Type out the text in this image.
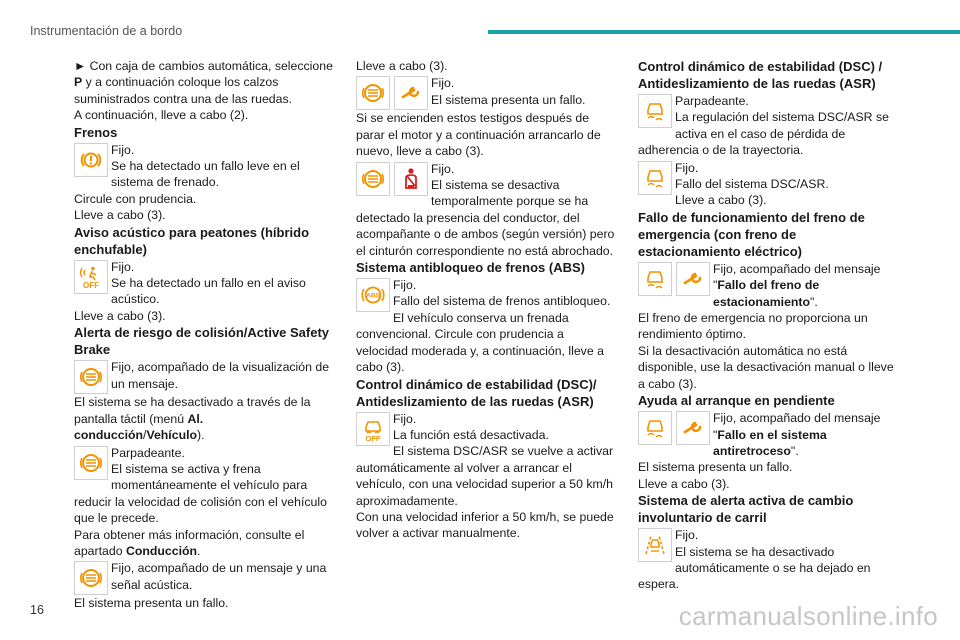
Instrumentación de a bordo

► Con caja de cambios automática, seleccione P y a continuación coloque los calzos suministrados contra una de las ruedas.

A continuación, lleve a cabo (2).

Frenos

Fijo.

Se ha detectado un fallo leve en el sistema de frenado.

Circule con prudencia.

Lleve a cabo (3).

Aviso acústico para peatones (híbrido enchufable)

OFF

Fijo.

Se ha detectado un fallo en el aviso acústico.

Lleve a cabo (3).

Alerta de riesgo de colisión/Active Safety Brake

Fijo, acompañado de la visualización de un mensaje.

El sistema se ha desactivado a través de la pantalla táctil (menú Al. conducción/Vehículo).

Parpadeante.

El sistema se activa y frena momentáneamente el vehículo para reducir la velocidad de colisión con el vehículo que le precede.

Para obtener más información, consulte el apartado Conducción.

Fijo, acompañado de un mensaje y una señal acústica.

El sistema presenta un fallo.

Lleve a cabo (3).

Fijo.

El sistema presenta un fallo.

Si se encienden estos testigos después de parar el motor y a continuación arrancarlo de nuevo, lleve a cabo (3).

Fijo.

El sistema se desactiva temporalmente porque se ha detectado la presencia del conductor, del acompañante o de ambos (según versión) pero el cinturón correspondiente no está abrochado.

Sistema antibloqueo de frenos (ABS)

ABS

Fijo.

Fallo del sistema de frenos antibloqueo.

El vehículo conserva un frenada convencional. Circule con prudencia a velocidad moderada y, a continuación, lleve a cabo (3).

Control dinámico de estabilidad (DSC)/ Antideslizamiento de las ruedas (ASR)

OFF

Fijo.

La función está desactivada.

El sistema DSC/ASR se vuelve a activar automáticamente al volver a arrancar el vehículo, con una velocidad superior a 50 km/h aproximadamente.

Con una velocidad inferior a 50 km/h, se puede volver a activar manualmente.

Control dinámico de estabilidad (DSC) / Antideslizamiento de las ruedas (ASR)

Parpadeante.

La regulación del sistema DSC/ASR se activa en el caso de pérdida de adherencia o de la trayectoria.

Fijo.

Fallo del sistema DSC/ASR.

Lleve a cabo (3).

Fallo de funcionamiento del freno de emergencia (con freno de estacionamiento eléctrico)

Fijo, acompañado del mensaje "Fallo del freno de estacionamiento".

El freno de emergencia no proporciona un rendimiento óptimo.

Si la desactivación automática no está disponible, use la desactivación manual o lleve a cabo (3).

Ayuda al arranque en pendiente

Fijo, acompañado del mensaje "Fallo en el sistema antiretroceso".

El sistema presenta un fallo.

Lleve a cabo (3).

Sistema de alerta activa de cambio involuntario de carril

Fijo.

El sistema se ha desactivado automáticamente o se ha dejado en espera.

16	carmanualsonline.info
